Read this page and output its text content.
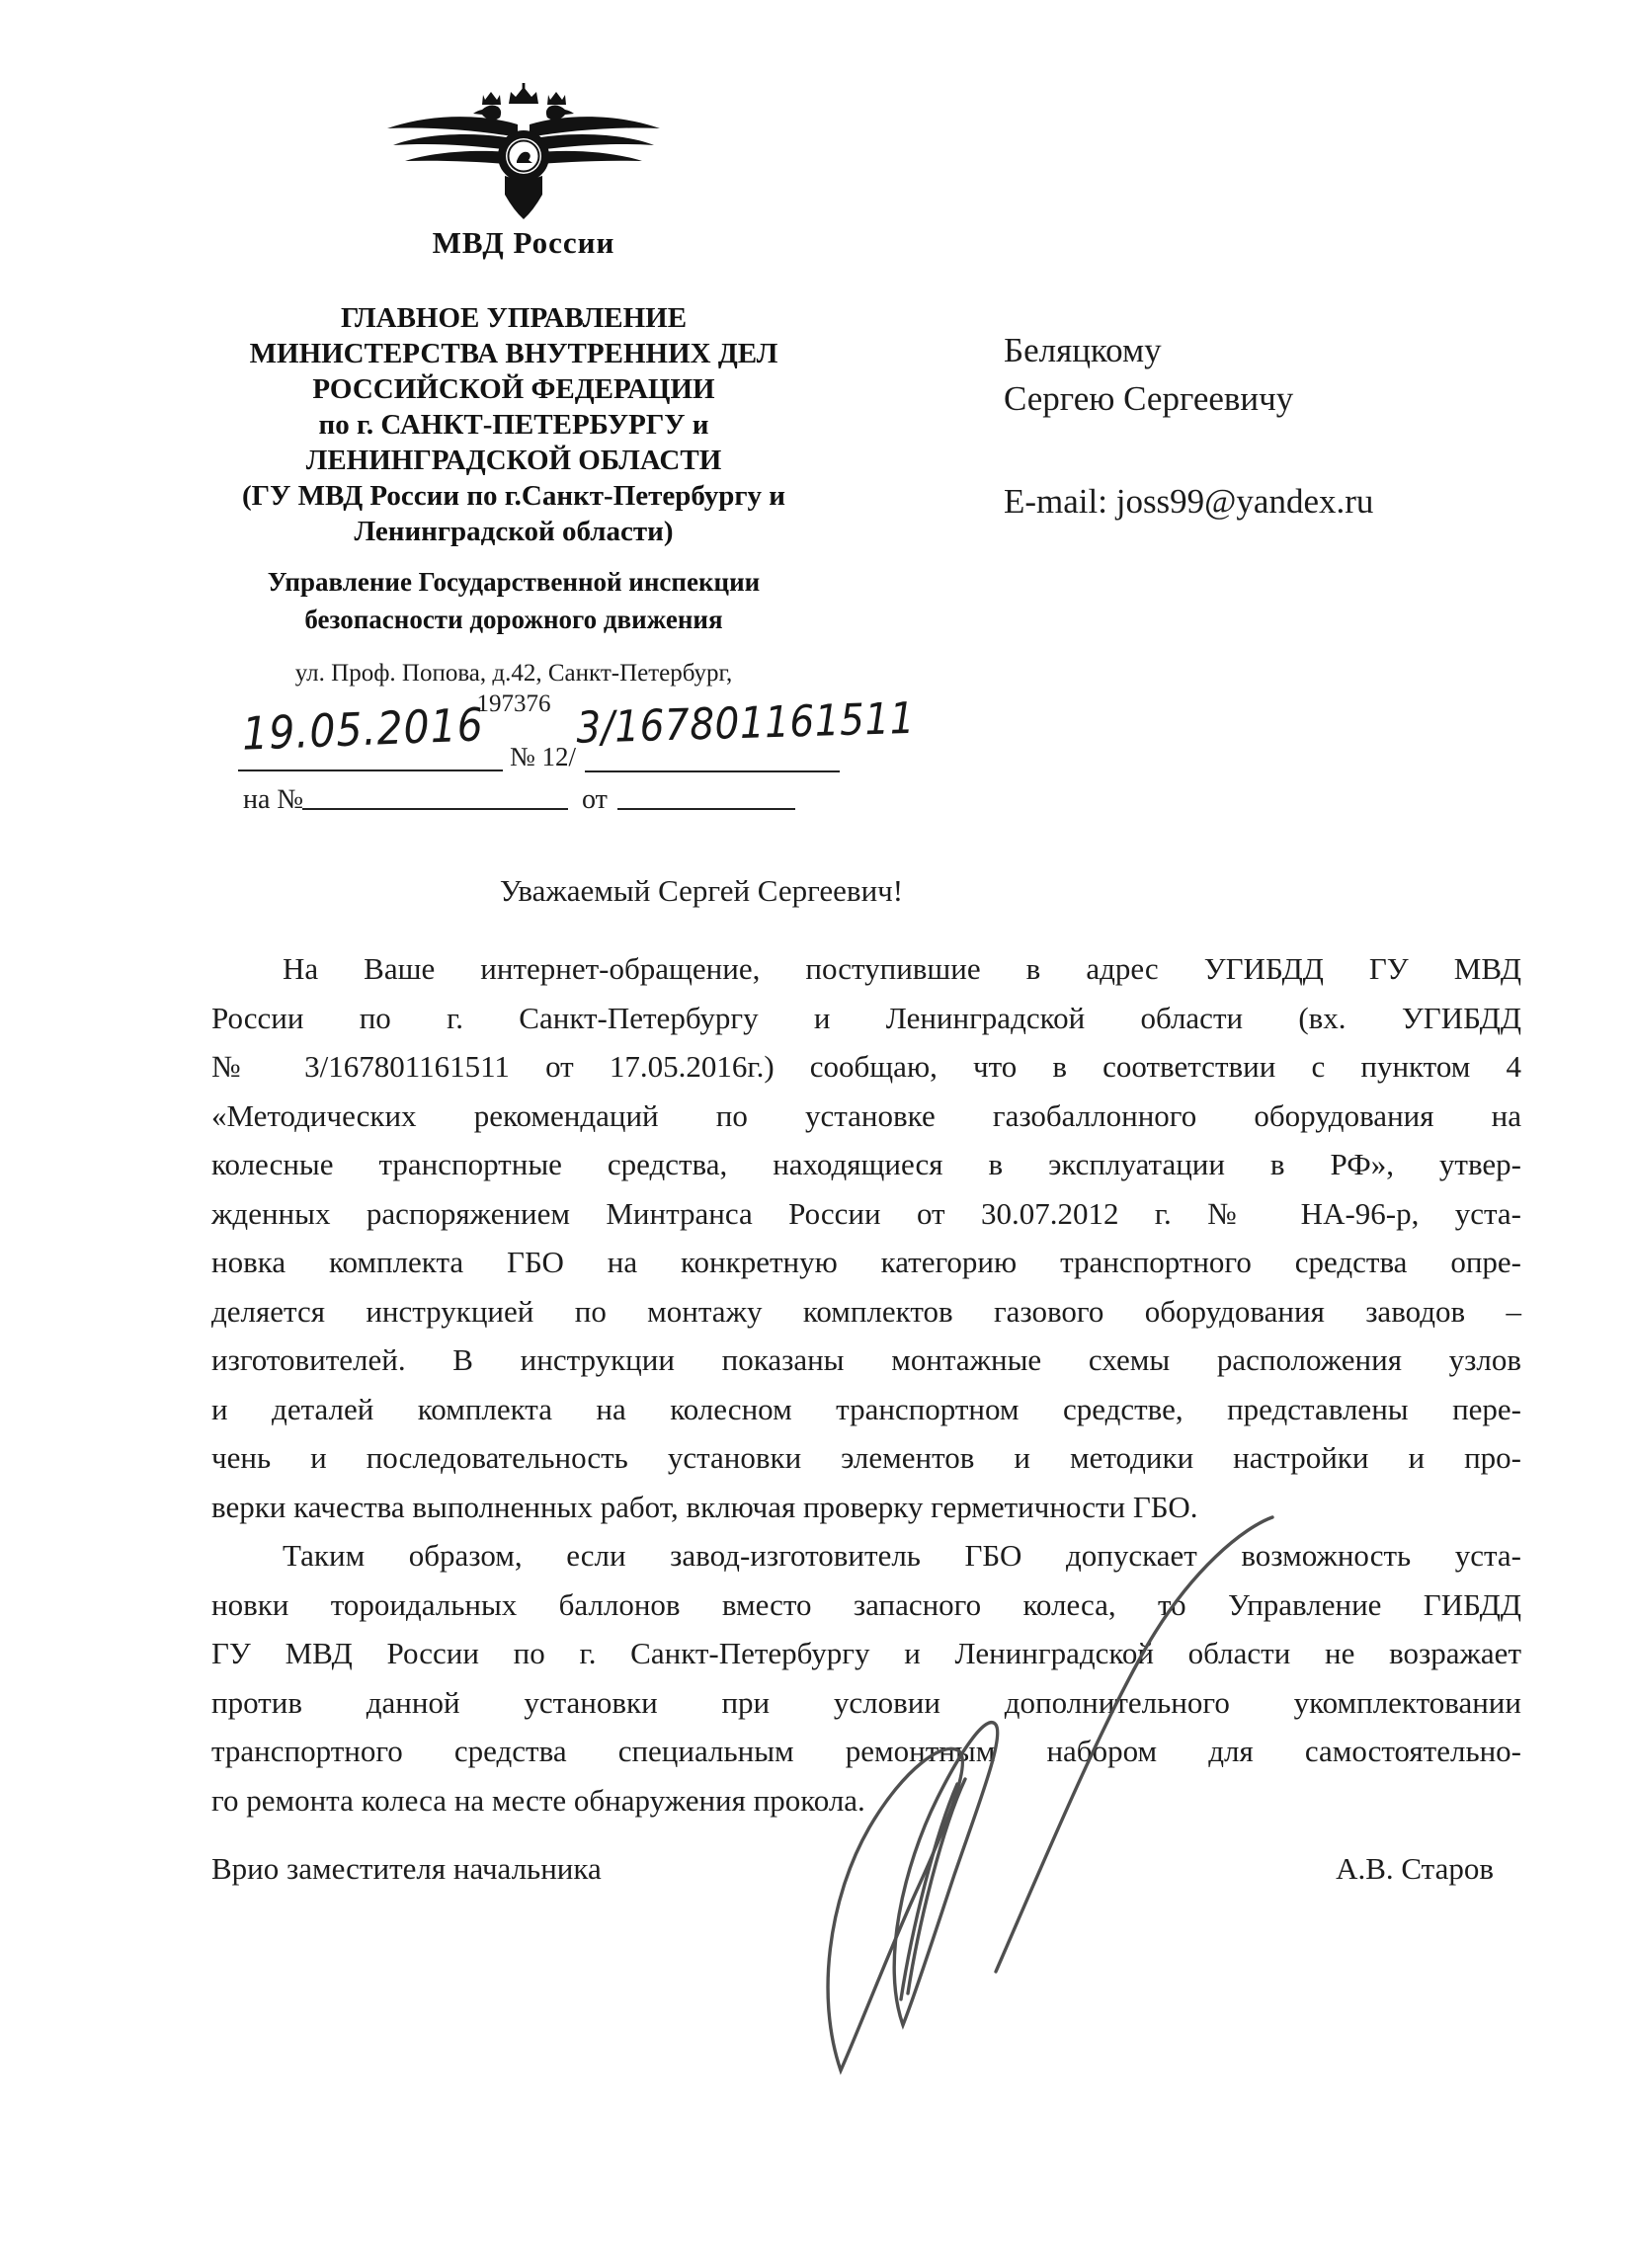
МВД России
ГЛАВНОЕ УПРАВЛЕНИЕ
МИНИСТЕРСТВА ВНУТРЕННИХ ДЕЛ
РОССИЙСКОЙ ФЕДЕРАЦИИ
по г. САНКТ-ПЕТЕРБУРГУ и
ЛЕНИНГРАДСКОЙ ОБЛАСТИ
(ГУ МВД России по г.Санкт-Петербургу и
Ленинградской области)
Управление Государственной инспекции
безопасности дорожного движения
ул. Проф. Попова, д.42, Санкт-Петербург,
197376
19.05.2016 № 12/
3/167801161511
на №	от
Беляцкому
Сергею Сергеевичу
E-mail: joss99@yandex.ru
Уважаемый Сергей Сергеевич!
На Ваше интернет-обращение, поступившие в адрес УГИБДД ГУ МВД
России по г. Санкт-Петербургу и Ленинградской области (вх. УГИБДД
№ 3/167801161511 от 17.05.2016г.) сообщаю, что в соответствии с пунктом 4
«Методических рекомендаций по установке газобаллонного оборудования на
колесные транспортные средства, находящиеся в эксплуатации в РФ», утвер-
жденных распоряжением Минтранса России от 30.07.2012 г. № НА-96-р, уста-
новка комплекта ГБО на конкретную категорию транспортного средства опре-
деляется инструкцией по монтажу комплектов газового оборудования заводов –
изготовителей. В инструкции показаны монтажные схемы расположения узлов
и деталей комплекта на колесном транспортном средстве, представлены пере-
чень и последовательность установки элементов и методики настройки и про-
верки качества выполненных работ, включая проверку герметичности ГБО.
Таким образом, если завод-изготовитель ГБО допускает возможность уста-
новки тороидальных баллонов вместо запасного колеса, то Управление ГИБДД
ГУ МВД России по г. Санкт-Петербургу и Ленинградской области не возражает
против данной установки при условии дополнительного укомплектовании
транспортного средства специальным ремонтным набором для самостоятельно-
го ремонта колеса на месте обнаружения прокола.
Врио заместителя начальника	А.В. Старов
